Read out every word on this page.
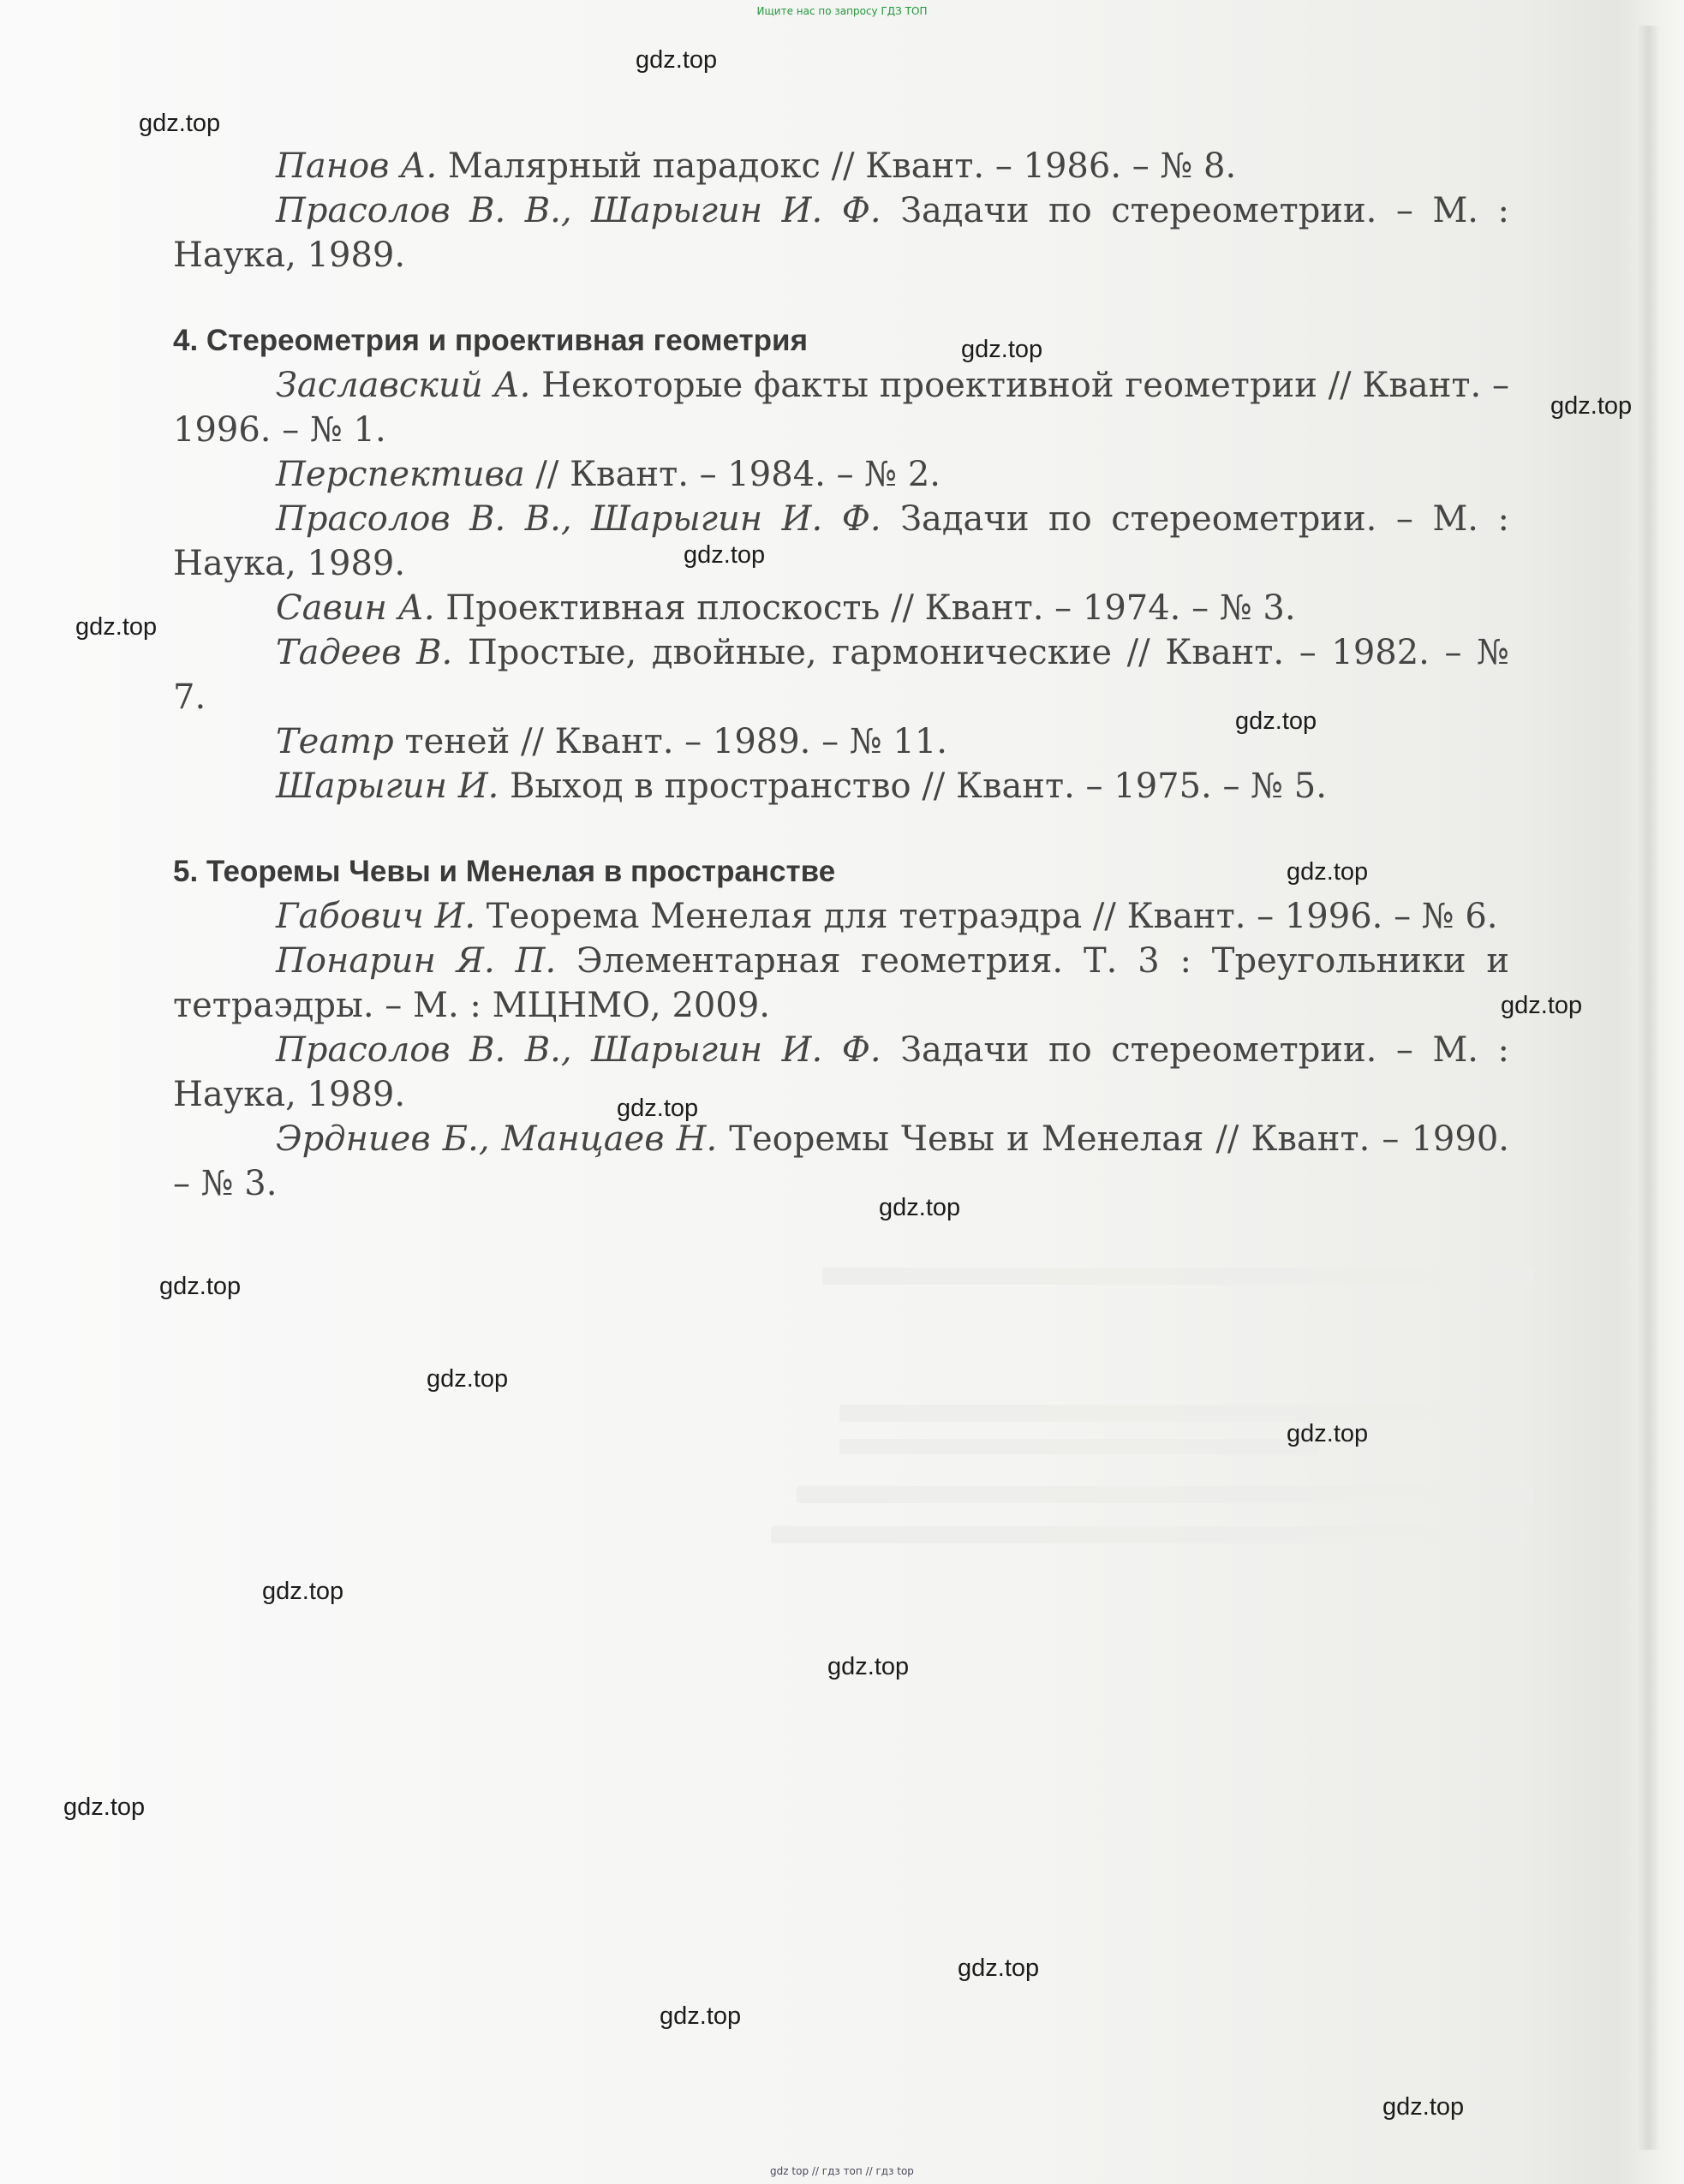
Ищите нас по запросу ГДЗ ТОП

Панов А. Малярный парадокс // Квант. – 1986. – № 8.

Прасолов В. В., Шарыгин И. Ф. Задачи по стереометрии. – М. : Наука, 1989.

4. Стереометрия и проективная геометрия

Заславский А. Некоторые факты проективной геометрии // Квант. – 1996. – № 1.

Перспектива // Квант. – 1984. – № 2.

Прасолов В. В., Шарыгин И. Ф. Задачи по стереометрии. – М. : Наука, 1989.

Савин А. Проективная плоскость // Квант. – 1974. – № 3.

Тадеев В. Простые, двойные, гармонические // Квант. – 1982. – № 7.

Театр теней // Квант. – 1989. – № 11.

Шарыгин И. Выход в пространство // Квант. – 1975. – № 5.

5. Теоремы Чевы и Менелая в пространстве

Габович И. Теорема Менелая для тетраэдра // Квант. – 1996. – № 6.

Понарин Я. П. Элементарная геометрия. Т. 3 : Треугольники и тетраэдры. – М. : МЦНМО, 2009.

Прасолов В. В., Шарыгин И. Ф. Задачи по стереометрии. – М. : Наука, 1989.

Эрдниев Б., Манцаев Н. Теоремы Чевы и Менелая // Квант. – 1990. – № 3.

gdz.top
gdz.top
gdz.top
gdz.top
gdz.top
gdz.top
gdz.top
gdz.top
gdz.top
gdz.top
gdz.top
gdz.top
gdz.top
gdz.top
gdz.top
gdz.top
gdz.top
gdz.top
gdz.top
gdz.top
gdz top // гдз топ // гдз top
